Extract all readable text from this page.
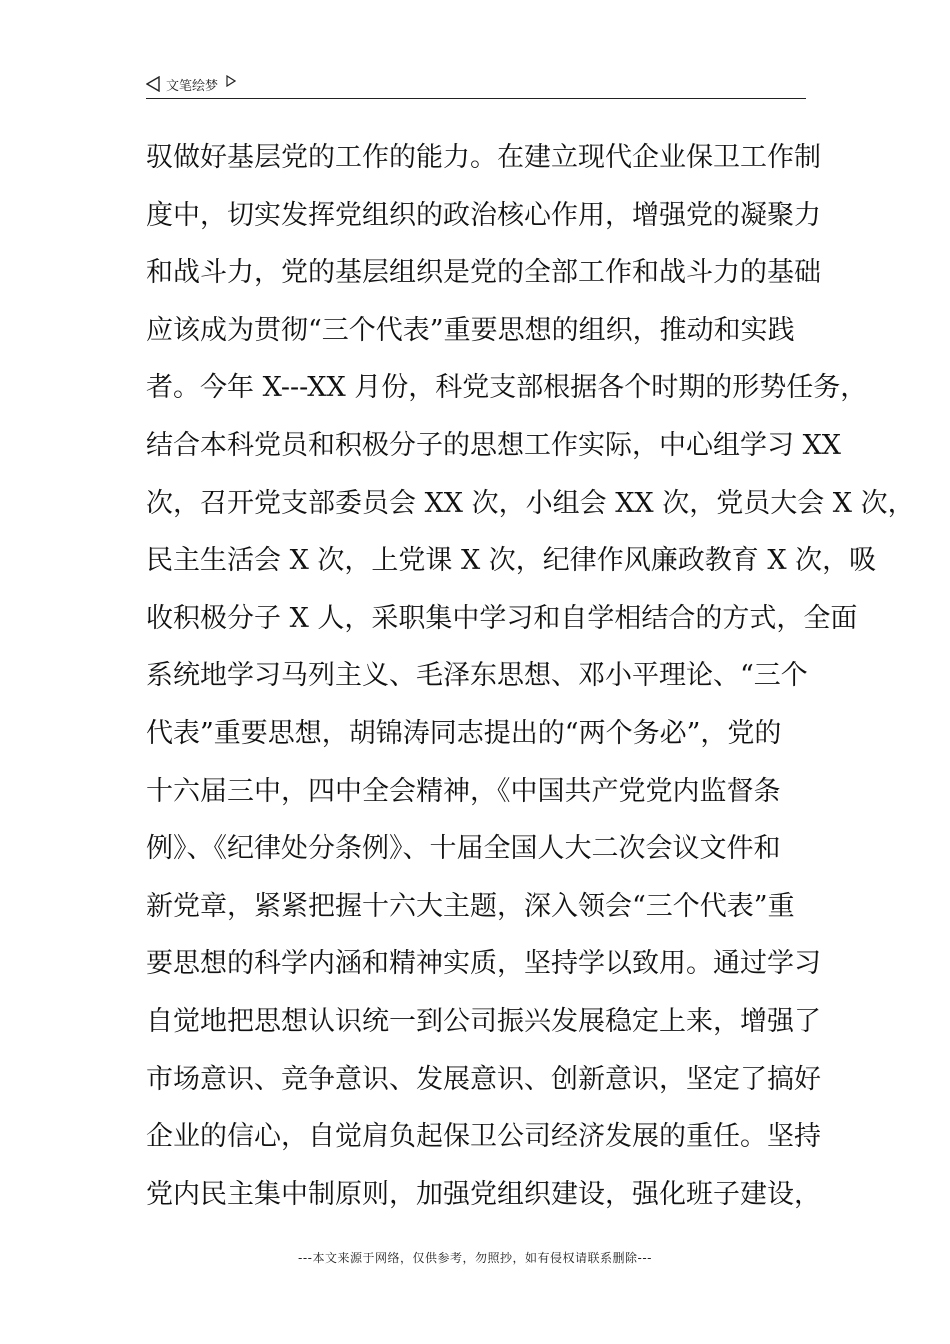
文笔绘梦
驭做好基层党的工作的能力。在建立现代企业保卫工作制
度中，切实发挥党组织的政治核心作用，增强党的凝聚力
和战斗力，党的基层组织是党的全部工作和战斗力的基础
应该成为贯彻“三个代表”重要思想的组织，推动和实践
者。今年 X---XX 月份，科党支部根据各个时期的形势任务，
结合本科党员和积极分子的思想工作实际，中心组学习 XX
次，召开党支部委员会 XX 次，小组会 XX 次，党员大会 X 次，
民主生活会 X 次，上党课 X 次，纪律作风廉政教育 X 次，吸
收积极分子 X 人，采职集中学习和自学相结合的方式，全面
系统地学习马列主义、毛泽东思想、邓小平理论、“三个
代表”重要思想，胡锦涛同志提出的“两个务必”，党的
十六届三中，四中全会精神，《中国共产党党内监督条
例》、《纪律处分条例》、十届全国人大二次会议文件和
新党章，紧紧把握十六大主题，深入领会“三个代表”重
要思想的科学内涵和精神实质，坚持学以致用。通过学习
自觉地把思想认识统一到公司振兴发展稳定上来，增强了
市场意识、竞争意识、发展意识、创新意识，坚定了搞好
企业的信心，自觉肩负起保卫公司经济发展的重任。坚持
党内民主集中制原则，加强党组织建设，强化班子建设，
---本文来源于网络，仅供参考，勿照抄，如有侵权请联系删除---
